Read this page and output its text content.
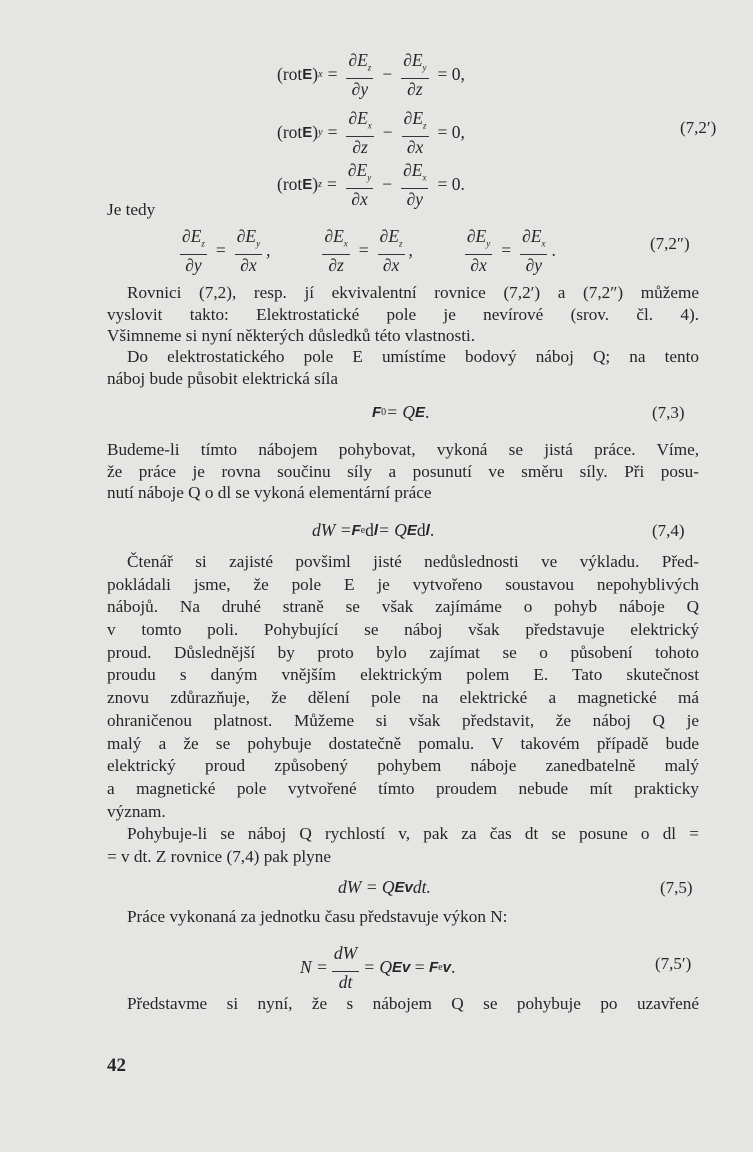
(rot E ) $x = \frac{\partial E_z}{\partial y} - \frac{\partial E_y}{\partial z} = 0$,
(rot E ) $y = \frac{\partial E_x}{\partial z} - \frac{\partial E_z}{\partial x} = 0$,	(7,2′)
(rot E ) $z = \frac{\partial E_y}{\partial x} - \frac{\partial E_x}{\partial y} = 0$.
Je tedy
$\frac{\partial E_z}{\partial y} = \frac{\partial E_y}{\partial x}$ ,	$\frac{\partial E_x}{\partial z} = \frac{\partial E_z}{\partial x}$ ,	$\frac{\partial E_y}{\partial x} = \frac{\partial E_x}{\partial y}$ .	(7,2″)
Rovnici (7,2), resp. jí ekvivalentní rovnice (7,2′) a (7,2″) můžeme
vyslovit takto: Elektrostatické pole je nevírové (srov. čl. 4).
Všimneme si nyní některých důsledků této vlastnosti.
Do elektrostatického pole E umístíme bodový náboj Q; na tento
náboj bude působit elektrická síla
F 0 = Q E .	(7,3)
Budeme-li tímto nábojem pohybovat, vykoná se jistá práce. Víme,
že práce je rovna součinu síly a posunutí ve směru síly. Při posu-
nutí náboje Q o dl se vykoná elementární práce
dW = F e d l = Q E d l .	(7,4)
Čtenář si zajisté povšiml jisté nedůslednosti ve výkladu. Před-
pokládali jsme, že pole E je vytvořeno soustavou nepohyblivých
nábojů. Na druhé straně se však zajímáme o pohyb náboje Q
v tomto poli. Pohybující se náboj však představuje elektrický
proud. Důslednější by proto bylo zajímat se o působení tohoto
proudu s daným vnějším elektrickým polem E. Tato skutečnost
znovu zdůrazňuje, že dělení pole na elektrické a magnetické má
ohraničenou platnost. Můžeme si však představit, že náboj Q je
malý a že se pohybuje dostatečně pomalu. V takovém případě bude
elektrický proud způsobený pohybem náboje zanedbatelně malý
a magnetické pole vytvořené tímto proudem nebude mít prakticky
význam.
Pohybuje-li se náboj Q rychlostí v, pak za čas dt se posune o dl =
= v dt. Z rovnice (7,4) pak plyne
dW = Q Ev dt.	(7,5)
Práce vykonaná za jednotku času představuje výkon N:
$N = \frac{dW}{dt} = Q$ Ev = F e v .	(7,5′)
Představme si nyní, že s nábojem Q se pohybuje po uzavřené
42
